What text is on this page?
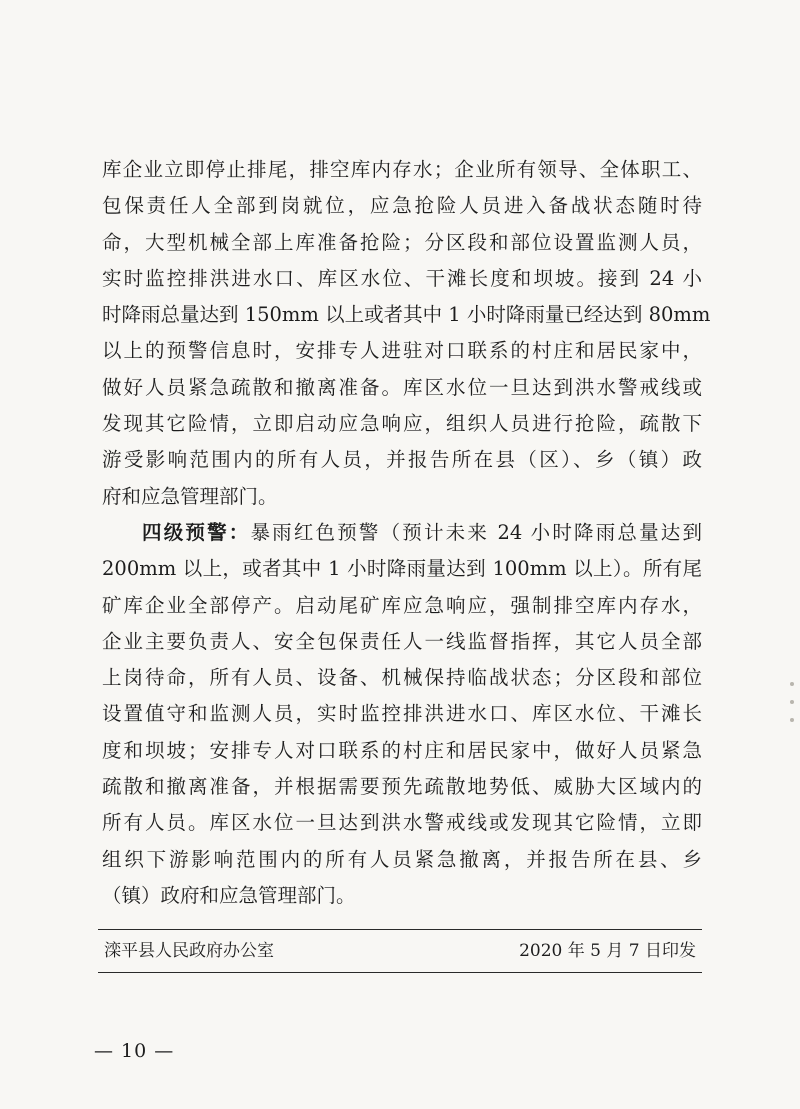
库企业立即停止排尾，排空库内存水；企业所有领导、全体职工、
包保责任人全部到岗就位，应急抢险人员进入备战状态随时待
命，大型机械全部上库准备抢险；分区段和部位设置监测人员，
实时监控排洪进水口、库区水位、干滩长度和坝坡。接到 24 小
时降雨总量达到 150mm 以上或者其中 1 小时降雨量已经达到 80mm
以上的预警信息时，安排专人进驻对口联系的村庄和居民家中，
做好人员紧急疏散和撤离准备。库区水位一旦达到洪水警戒线或
发现其它险情，立即启动应急响应，组织人员进行抢险，疏散下
游受影响范围内的所有人员，并报告所在县（区）、乡（镇）政
府和应急管理部门。
四级预警：暴雨红色预警（预计未来 24 小时降雨总量达到
200mm 以上，或者其中 1 小时降雨量达到 100mm 以上）。所有尾
矿库企业全部停产。启动尾矿库应急响应，强制排空库内存水，
企业主要负责人、安全包保责任人一线监督指挥，其它人员全部
上岗待命，所有人员、设备、机械保持临战状态；分区段和部位
设置值守和监测人员，实时监控排洪进水口、库区水位、干滩长
度和坝坡；安排专人对口联系的村庄和居民家中，做好人员紧急
疏散和撤离准备，并根据需要预先疏散地势低、威胁大区域内的
所有人员。库区水位一旦达到洪水警戒线或发现其它险情，立即
组织下游影响范围内的所有人员紧急撤离，并报告所在县、乡
（镇）政府和应急管理部门。
滦平县人民政府办公室	2020 年 5 月 7 日印发
— 10 —
